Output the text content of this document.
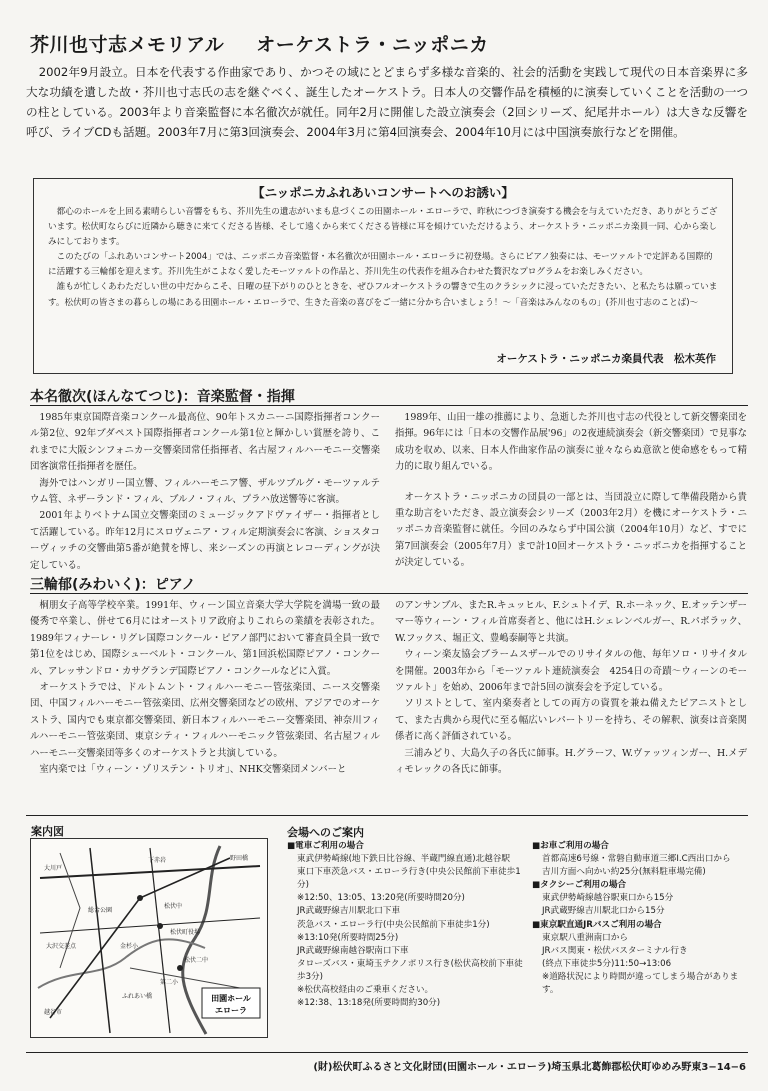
芥川也寸志メモリアル オーケストラ・ニッポニカ
2002年9月設立。日本を代表する作曲家であり、かつその域にとどまらず多様な音楽的、社会的活動を実践して現代の日本音楽界に多大な功績を遺した故・芥川也寸志氏の志を継ぐべく、誕生したオーケストラ。日本人の交響作品を積極的に演奏していくことを活動の一つの柱としている。2003年より音楽監督に本名徹次が就任。同年2月に開催した設立演奏会（2回シリーズ、紀尾井ホール）は大きな反響を呼び、ライブCDも話題。2003年7月に第3回演奏会、2004年3月に第4回演奏会、2004年10月には中国演奏旅行などを開催。
【ニッポニカふれあいコンサートへのお誘い】

都心のホールを上回る素晴らしい音響をもち、芥川先生の遺志がいまも息づくこの田園ホール・エローラで、昨秋につづき演奏する機会を与えていただき、ありがとうございます。松伏町ならびに近隣から聴きに来てくださる皆様、そして遠くから来てくださる皆様に耳を傾けていただけるよう、オーケストラ・ニッポニカ楽員一同、心から楽しみにしております。

このたびの「ふれあいコンサート2004」では、ニッポニカ音楽監督・本名徹次が田園ホール・エローラに初登場。さらにピアノ独奏には、モーツァルトで定評ある国際的に活躍する三輪郁を迎えます。芥川先生がこよなく愛したモーツァルトの作品と、芥川先生の代表作を組み合わせた贅沢なプログラムをお楽しみください。

誰もが忙しくあわただしい世の中だからこそ、日曜の昼下がりのひとときを、ぜひフルオーケストラの響きで生のクラシックに浸っていただきたい、と私たちは願っています。松伏町の皆さまの暮らしの場にある田園ホール・エローラで、生きた音楽の喜びをご一緒に分かち合いましょう！〜「音楽はみんなのもの」(芥川也寸志のことば)〜

オーケストラ・ニッポニカ楽員代表　松木英作
本名徹次(ほんなてつじ)：音楽監督・指揮

1985年東京国際音楽コンクール最高位、90年トスカニーニ国際指揮者コンクール第2位、92年ブダペスト国際指揮者コンクール第1位と輝かしい賞歴を誇り、これまでに大阪シンフォニカー交響楽団常任指揮者、名古屋フィルハーモニー交響楽団客演常任指揮者を歴任。

海外ではハンガリー国立響、フィルハーモニア響、ザルツブルグ・モーツァルテウム管、ネザーランド・フィル、ブルノ・フィル、プラハ放送響等に客演。

2001年よりベトナム国立交響楽団のミュージックアドヴァイザー・指揮者として活躍している。昨年12月にスロヴェニア・フィル定期演奏会に客演、ショスタコーヴィッチの交響曲第5番が絶賛を博し、来シーズンの再演とレコーディングが決定している。

1989年、山田一雄の推薦により、急逝した芥川也寸志の代役として新交響楽団を指揮。96年には「日本の交響作品展'96」の2夜連続演奏会（新交響楽団）で見事な成功を収め、以来、日本人作曲家作品の演奏に並々ならぬ意欲と使命感をもって精力的に取り組んでいる。

オーケストラ・ニッポニカの団員の一部とは、当団設立に際して準備段階から貴重な助言をいただき、設立演奏会シリーズ（2003年2月）を機にオーケストラ・ニッポニカ音楽監督に就任。今回のみならず中国公演（2004年10月）など、すでに第7回演奏会（2005年7月）まで計10回オーケストラ・ニッポニカを指揮することが決定している。

三輪郁(みわいく)：ピアノ

桐朋女子高等学校卒業。1991年、ウィーン国立音楽大学大学院を満場一致の最優秀で卒業し、併せて6月にはオーストリア政府よりこれらの業績を表彰された。1989年フィナーレ・リグレ国際コンクール・ピアノ部門において審査員全員一致で第1位をはじめ、国際シューベルト・コンクール、第1回浜松国際ピアノ・コンクール、アレッサンドロ・カサグランデ国際ピアノ・コンクールなどに入賞。

オーケストラでは、ドルトムント・フィルハーモニー管弦楽団、ニース交響楽団、中国フィルハーモニー管弦楽団、広州交響楽団などの欧州、アジアでのオーケストラ、国内でも東京都交響楽団、新日本フィルハーモニー交響楽団、神奈川フィルハーモニー管弦楽団、東京シティ・フィルハーモニック管弦楽団、名古屋フィルハーモニー交響楽団等多くのオーケストラと共演している。

室内楽では「ウィーン・ゾリステン・トリオ」、NHK交響楽団メンバーと

のアンサンブル、またR.キュッヒル、F.シュトイデ、R.ホーネック、E.オッテンザーマー等ウィーン・フィル首席奏者と、他にはH.シェレンベルガー、R.パボラック、W.フックス、堀正文、豊嶋泰嗣等と共演。

ウィーン楽友協会ブラームスザールでのリサイタルの他、毎年ソロ・リサイタルを開催。2003年から「モーツァルト連続演奏会　4254日の奇蹟〜ウィーンのモーツァルト」を始め、2006年まで計5回の演奏会を予定している。

ソリストとして、室内楽奏者としての両方の資質を兼ね備えたピアニストとして、また古典から現代に至る幅広いレパートリーを持ち、その解釈、演奏は音楽関係者に高く評価されている。

三浦みどり、大島久子の各氏に師事。H.グラーフ、W.ヴァッツィンガー、H.メディモレックの各氏に師事。

案内図
田園ホール
エローラ
野田橋
下赤岩
大川戸
松伏中
金杉小
松伏二中
松伏町役場
越谷市
大沢交差点
ふれあい橋
総合公園
第二小
会場へのご案内
■電車ご利用の場合
東武伊勢崎線(地下鉄日比谷線、半蔵門線直通)北越谷駅
東口下車茨急バス・エローラ行き(中央公民館前下車徒歩1分)
※12:50、13:05、13:20発(所要時間20分)
JR武蔵野線吉川駅北口下車
茨急バス・エローラ行(中央公民館前下車徒歩1分)
※13:10発(所要時間25分)
JR武蔵野線南越谷駅南口下車
タローズバス・東埼玉テクノポリス行き(松伏高校前下車徒歩3分)
※松伏高校経由のご乗車ください。
※12:38、13:18発(所要時間約30分)
■お車ご利用の場合
首都高速6号線・常磐自動車道三郷I.C西出口から
吉川方面へ向かい約25分(無料駐車場完備)
■タクシーご利用の場合
東武伊勢崎線越谷駅東口から15分
JR武蔵野線吉川駅北口から15分
■東京駅直通JRバスご利用の場合
東京駅八重洲南口から
JRバス関東・松伏バスターミナル行き
(終点下車徒歩5分)11:50→13:06
※道路状況により時間が違ってしまう場合があります。
(財)松伏町ふるさと文化財団(田園ホール・エローラ)埼玉県北葛飾郡松伏町ゆめみ野東3−14−6
